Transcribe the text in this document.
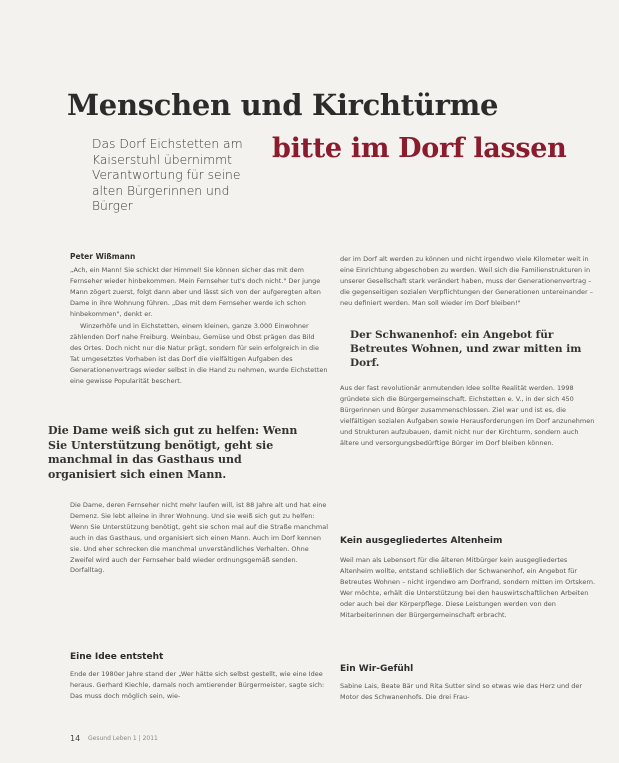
Menschen und Kirchtürme
bitte im Dorf lassen
Das Dorf Eichstetten am Kaiserstuhl übernimmt Verantwortung für seine alten Bürgerinnen und Bürger
Peter Wißmann

„Ach, ein Mann! Sie schickt der Himmel! Sie können sicher das mit dem Fernseher wieder hinbekommen. Mein Fernseher tut's doch nicht." Der junge Mann zögert zuerst, folgt dann aber und lässt sich von der aufgeregten alten Dame in ihre Wohnung führen. „Das mit dem Fernseher werde ich schon hinbekommen", denkt er.

Winzerhöfe und in Eichstetten, einem kleinen, ganze 3.000 Einwohner zählenden Dorf nahe Freiburg. Weinbau, Gemüse und Obst prägen das Bild des Ortes. Doch nicht nur die Natur prägt, sondern für sein erfolgreich in die Tat umgesetztes Vorhaben ist das Dorf die vielfältigen Aufgaben des Generationenvertrags wieder selbst in die Hand zu nehmen, wurde Eichstetten eine gewisse Popularität beschert.

Die Dame weiß sich gut zu helfen: Wenn Sie Unterstützung benötigt, geht sie manchmal in das Gasthaus und organisiert sich einen Mann.

Die Dame, deren Fernseher nicht mehr laufen will, ist 88 Jahre alt und hat eine Demenz. Sie lebt alleine in ihrer Wohnung. Und sie weiß sich gut zu helfen: Wenn Sie Unterstützung benötigt, geht sie schon mal auf die Straße manchmal auch in das Gasthaus, und organisiert sich einen Mann. Auch im Dorf kennen sie. Und eher schrecken die manchmal unverständliches Verhalten. Ohne Zweifel wird auch der Fernseher bald wieder ordnungsgemäß senden. Dorfalltag.

Eine Idee entsteht

Ende der 1980er Jahre stand der „Wer hätte sich selbst gestellt, wie eine Idee heraus. Gerhard Kiechle, damals noch amtierender Bürgermeister, sagte sich: Das muss doch möglich sein, wie-

der im Dorf alt werden zu können und nicht irgendwo viele Kilometer weit in eine Einrichtung abgeschoben zu werden. Weil sich die Familienstrukturen in unserer Gesellschaft stark verändert haben, muss der Generationenvertrag – die gegenseitigen sozialen Verpflichtungen der Generationen untereinander – neu definiert werden. Man soll wieder im Dorf bleiben!"

Der Schwanenhof: ein Angebot für Betreutes Wohnen, und zwar mitten im Dorf.

Aus der fast revolutionär anmutenden Idee sollte Realität werden. 1998 gründete sich die Bürgergemeinschaft. Eichstetten e. V., in der sich 450 Bürgerinnen und Bürger zusammenschlossen. Ziel war und ist es, die vielfältigen sozialen Aufgaben sowie Herausforderungen im Dorf anzunehmen und Strukturen aufzubauen, damit nicht nur der Kirchturm, sondern auch ältere und versorgungsbedürftige Bürger im Dorf bleiben können.

Kein ausgegliedertes Altenheim

Weil man als Lebensort für die älteren Mitbürger kein ausgegliedertes Altenheim wollte, entstand schließlich der Schwanenhof, ein Angebot für Betreutes Wohnen – nicht irgendwo am Dorfrand, sondern mitten im Ortskern. Wer möchte, erhält die Unterstützung bei den hauswirtschaftlichen Arbeiten oder auch bei der Körperpflege. Diese Leistungen werden von den Mitarbeiterinnen der Bürgergemeinschaft erbracht.

Ein Wir-Gefühl

Sabine Lais, Beate Bär und Rita Sutter sind so etwas wie das Herz und der Motor des Schwanenhofs. Die drei Frau-

14 Gesund Leben 1 | 2011
